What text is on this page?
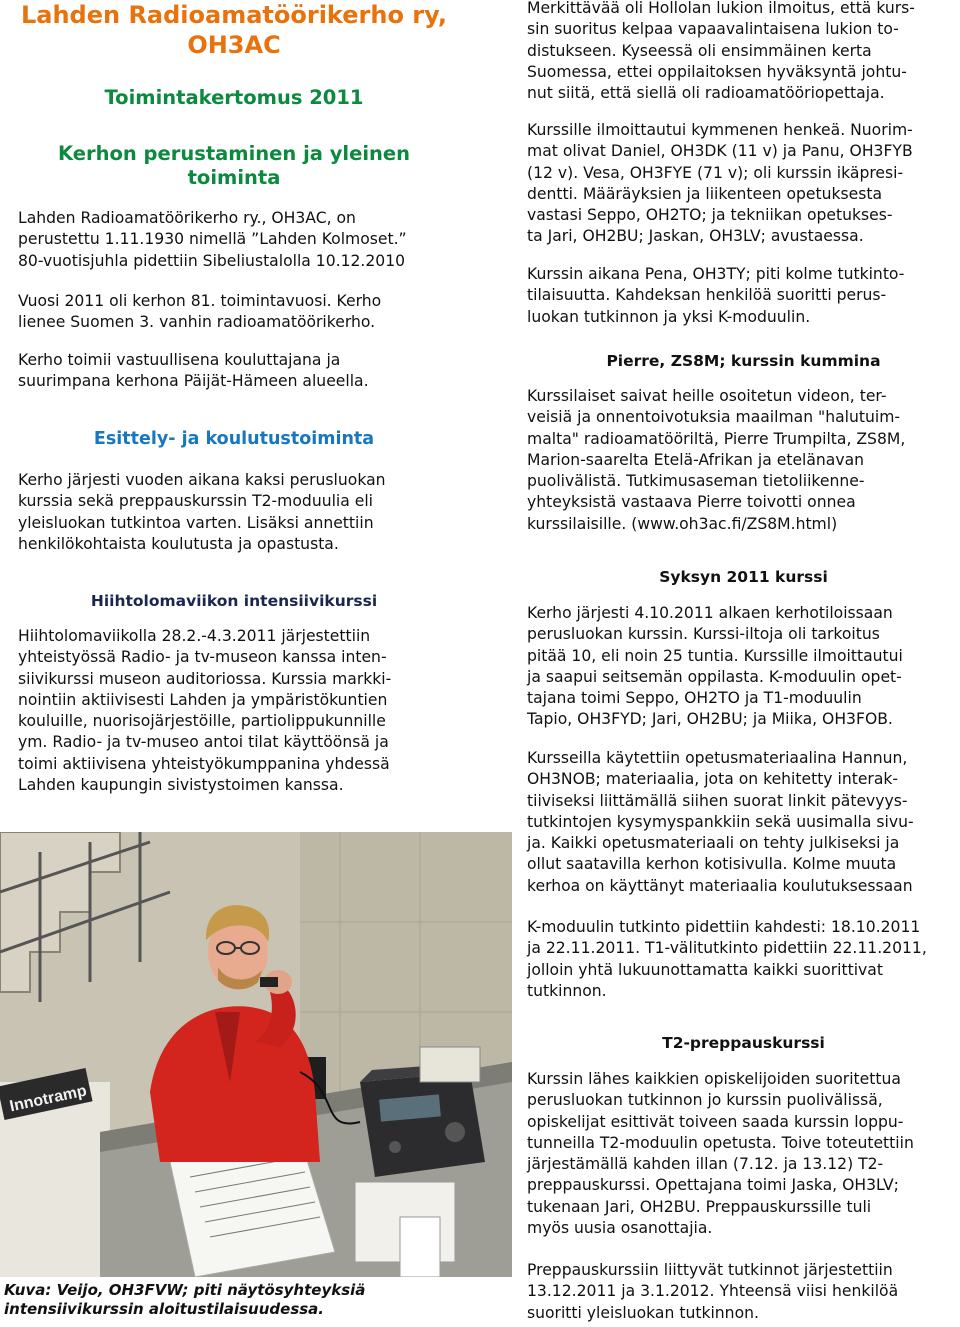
Lahden Radioamatöörikerho ry,
OH3AC
Toimintakertomus 2011
Kerhon perustaminen ja yleinen
toiminta

Lahden Radioamatöörikerho ry., OH3AC, on
perustettu 1.11.1930 nimellä ”Lahden Kolmoset.”
80-vuotisjuhla pidettiin Sibeliustalolla 10.12.2010

Vuosi 2011 oli kerhon 81. toimintavuosi. Kerho
lienee Suomen 3. vanhin radioamatöörikerho.

Kerho toimii vastuullisena kouluttajana ja
suurimpana kerhona Päijät-Hämeen alueella.

Esittely- ja koulutustoiminta

Kerho järjesti vuoden aikana kaksi perusluokan
kurssia sekä preppauskurssin T2-moduulia eli
yleisluokan tutkintoa varten. Lisäksi annettiin
henkilökohtaista koulutusta ja opastusta.

Hiihtolomaviikon intensiivikurssi

Hiihtolomaviikolla 28.2.-4.3.2011 järjestettiin
yhteistyössä Radio- ja tv-museon kanssa inten-
siivikurssi museon auditoriossa. Kurssia markki-
nointiin aktiivisesti Lahden ja ympäristökuntien
kouluille, nuorisojärjestöille, partiolippukunnille
ym. Radio- ja tv-museo antoi tilat käyttöönsä ja
toimi aktiivisena yhteistyökumppanina yhdessä
Lahden kaupungin sivistystoimen kanssa.

Innotramp
Kuva: Veijo, OH3FVW; piti näytösyhteyksiä
intensiivikurssin aloitustilaisuudessa.

Merkittävää oli Hollolan lukion ilmoitus, että kurs-
sin suoritus kelpaa vapaavalintaisena lukion to-
distukseen. Kyseessä oli ensimmäinen kerta
Suomessa, ettei oppilaitoksen hyväksyntä johtu-
nut siitä, että siellä oli radioamatööriopettaja.

Kurssille ilmoittautui kymmenen henkeä. Nuorim-
mat olivat Daniel, OH3DK (11 v) ja Panu, OH3FYB
(12 v). Vesa, OH3FYE (71 v); oli kurssin ikäpresi-
dentti. Määräyksien ja liikenteen opetuksesta
vastasi Seppo, OH2TO; ja tekniikan opetukses-
ta Jari, OH2BU; Jaskan, OH3LV; avustaessa.

Kurssin aikana Pena, OH3TY; piti kolme tutkinto-
tilaisuutta. Kahdeksan henkilöä suoritti perus-
luokan tutkinnon ja yksi K-moduulin.

Pierre, ZS8M; kurssin kummina

Kurssilaiset saivat heille osoitetun videon, ter-
veisiä ja onnentoivotuksia maailman "halutuim-
malta" radioamatööriltä, Pierre Trumpilta, ZS8M,
Marion-saarelta Etelä-Afrikan ja etelänavan
puolivälistä. Tutkimusaseman tietoliikenne-
yhteyksistä vastaava Pierre toivotti onnea
kurssilaisille. (www.oh3ac.fi/ZS8M.html)

Syksyn 2011 kurssi

Kerho järjesti 4.10.2011 alkaen kerhotiloissaan
perusluokan kurssin. Kurssi-iltoja oli tarkoitus
pitää 10, eli noin 25 tuntia. Kurssille ilmoittautui
ja saapui seitsemän oppilasta. K-moduulin opet-
tajana toimi Seppo, OH2TO ja T1-moduulin
Tapio, OH3FYD; Jari, OH2BU; ja Miika, OH3FOB.

Kursseilla käytettiin opetusmateriaalina Hannun,
OH3NOB; materiaalia, jota on kehitetty interak-
tiiviseksi liittämällä siihen suorat linkit pätevyys-
tutkintojen kysymyspankkiin sekä uusimalla sivu-
ja. Kaikki opetusmateriaali on tehty julkiseksi ja
ollut saatavilla kerhon kotisivulla. Kolme muuta
kerhoa on käyttänyt materiaalia koulutuksessaan

K-moduulin tutkinto pidettiin kahdesti: 18.10.2011
ja 22.11.2011. T1-välitutkinto pidettiin 22.11.2011,
jolloin yhtä lukuunottamatta kaikki suorittivat
tutkinnon.

T2-preppauskurssi

Kurssin lähes kaikkien opiskelijoiden suoritettua
perusluokan tutkinnon jo kurssin puolivälissä,
opiskelijat esittivät toiveen saada kurssin loppu-
tunneilla T2-moduulin opetusta. Toive toteutettiin
järjestämällä kahden illan (7.12. ja 13.12) T2-
preppauskurssi. Opettajana toimi Jaska, OH3LV;
tukenaan Jari, OH2BU. Preppauskurssille tuli
myös uusia osanottajia.

Preppauskurssiin liittyvät tutkinnot järjestettiin
13.12.2011 ja 3.1.2012. Yhteensä viisi henkilöä
suoritti yleisluokan tutkinnon.
